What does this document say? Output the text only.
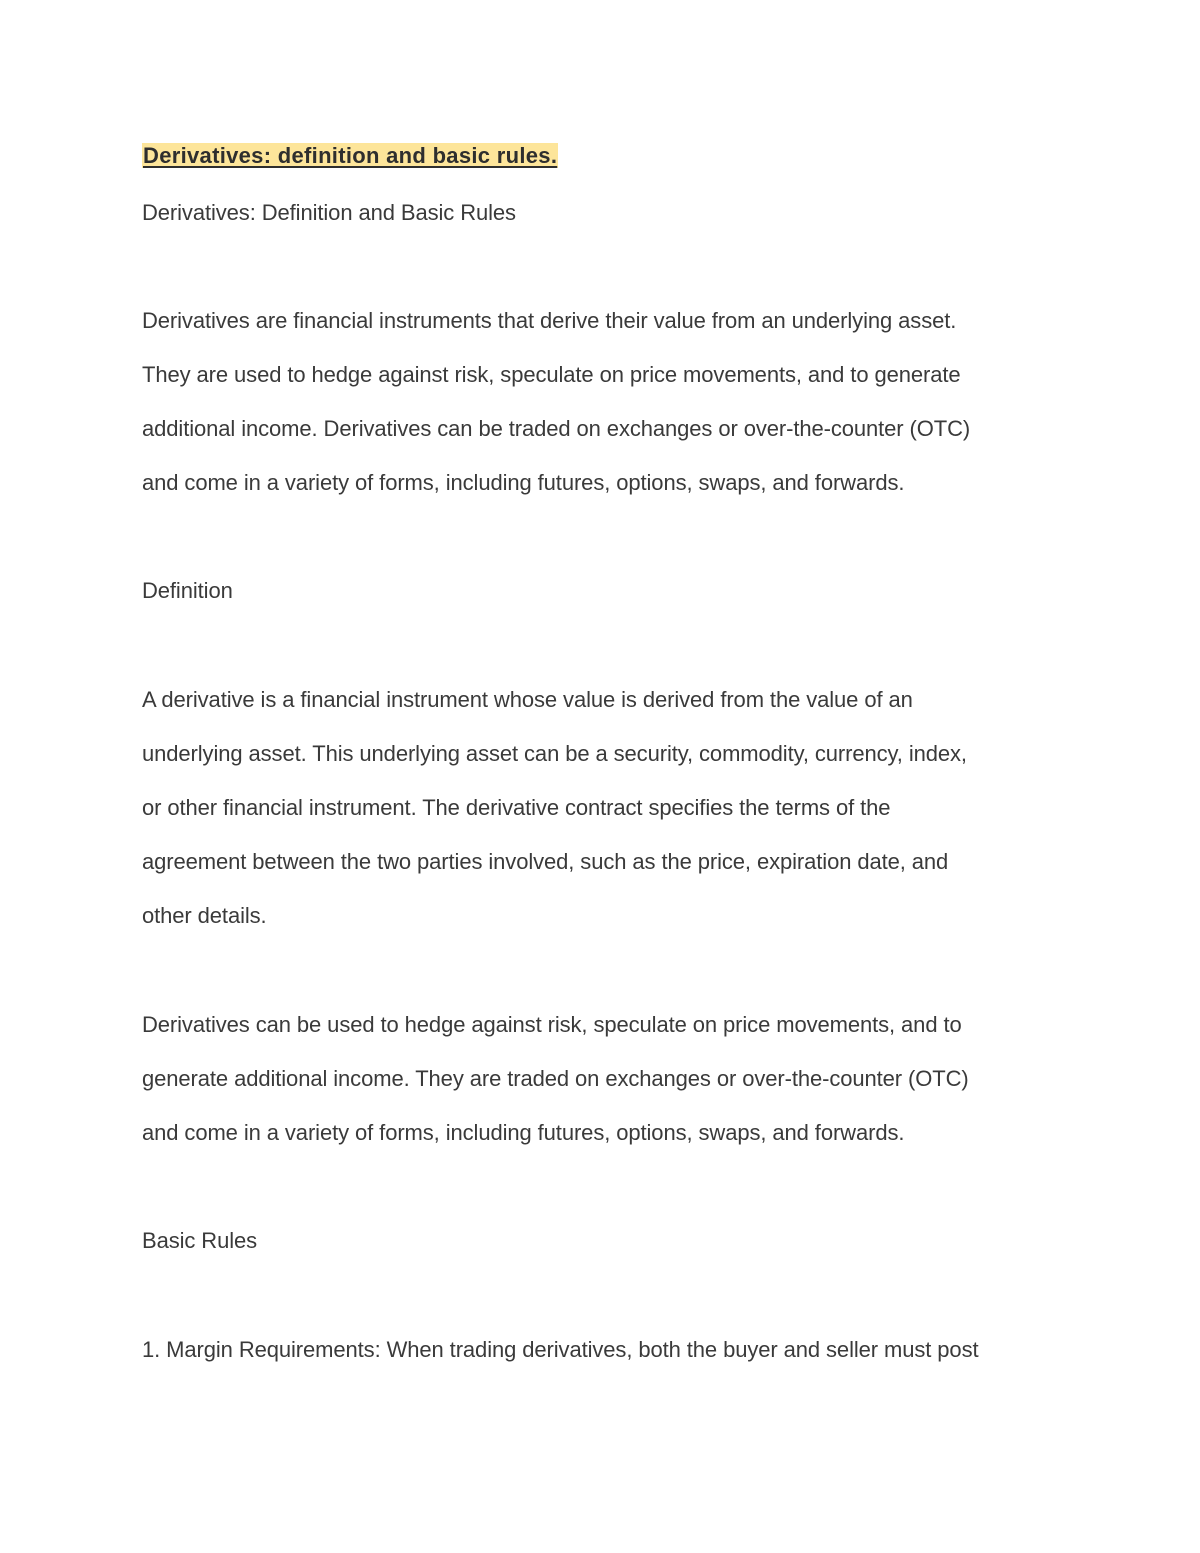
Derivatives: definition and basic rules.

Derivatives: Definition and Basic Rules

Derivatives are financial instruments that derive their value from an underlying asset.

They are used to hedge against risk, speculate on price movements, and to generate

additional income. Derivatives can be traded on exchanges or over-the-counter (OTC)

and come in a variety of forms, including futures, options, swaps, and forwards.

Definition

A derivative is a financial instrument whose value is derived from the value of an

underlying asset. This underlying asset can be a security, commodity, currency, index,

or other financial instrument. The derivative contract specifies the terms of the

agreement between the two parties involved, such as the price, expiration date, and

other details.

Derivatives can be used to hedge against risk, speculate on price movements, and to

generate additional income. They are traded on exchanges or over-the-counter (OTC)

and come in a variety of forms, including futures, options, swaps, and forwards.

Basic Rules

1. Margin Requirements: When trading derivatives, both the buyer and seller must post
